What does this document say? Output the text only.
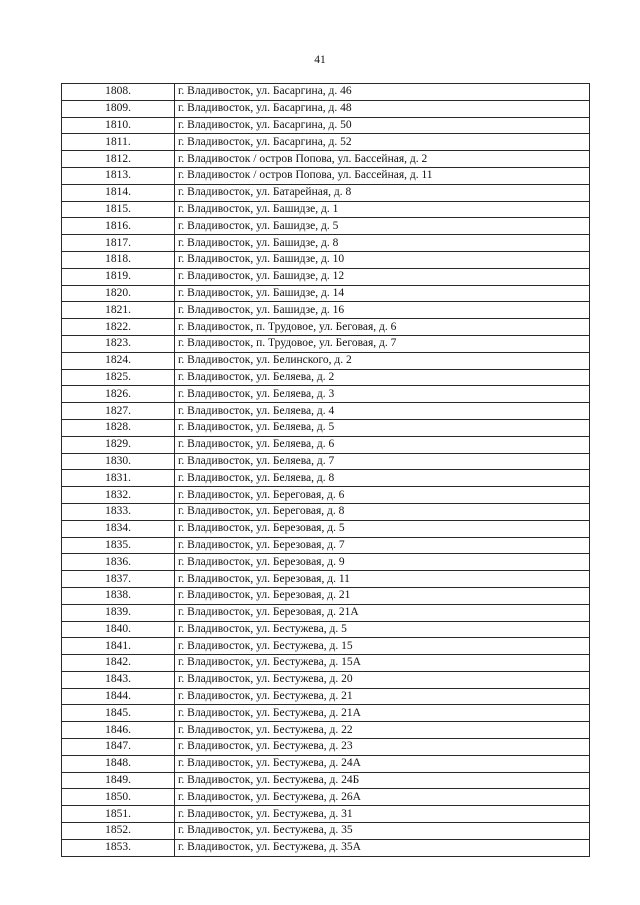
41
1808.	г. Владивосток, ул. Басаргина, д. 46
1809.	г. Владивосток, ул. Басаргина, д. 48
1810.	г. Владивосток, ул. Басаргина, д. 50
1811.	г. Владивосток, ул. Басаргина, д. 52
1812.	г. Владивосток / остров Попова, ул. Бассейная, д. 2
1813.	г. Владивосток / остров Попова, ул. Бассейная, д. 11
1814.	г. Владивосток, ул. Батарейная, д. 8
1815.	г. Владивосток, ул. Башидзе, д. 1
1816.	г. Владивосток, ул. Башидзе, д. 5
1817.	г. Владивосток, ул. Башидзе, д. 8
1818.	г. Владивосток, ул. Башидзе, д. 10
1819.	г. Владивосток, ул. Башидзе, д. 12
1820.	г. Владивосток, ул. Башидзе, д. 14
1821.	г. Владивосток, ул. Башидзе, д. 16
1822.	г. Владивосток, п. Трудовое, ул. Беговая, д. 6
1823.	г. Владивосток, п. Трудовое, ул. Беговая, д. 7
1824.	г. Владивосток, ул. Белинского, д. 2
1825.	г. Владивосток, ул. Беляева, д. 2
1826.	г. Владивосток, ул. Беляева, д. 3
1827.	г. Владивосток, ул. Беляева, д. 4
1828.	г. Владивосток, ул. Беляева, д. 5
1829.	г. Владивосток, ул. Беляева, д. 6
1830.	г. Владивосток, ул. Беляева, д. 7
1831.	г. Владивосток, ул. Беляева, д. 8
1832.	г. Владивосток, ул. Береговая, д. 6
1833.	г. Владивосток, ул. Береговая, д. 8
1834.	г. Владивосток, ул. Березовая, д. 5
1835.	г. Владивосток, ул. Березовая, д. 7
1836.	г. Владивосток, ул. Березовая, д. 9
1837.	г. Владивосток, ул. Березовая, д. 11
1838.	г. Владивосток, ул. Березовая, д. 21
1839.	г. Владивосток, ул. Березовая, д. 21А
1840.	г. Владивосток, ул. Бестужева, д. 5
1841.	г. Владивосток, ул. Бестужева, д. 15
1842.	г. Владивосток, ул. Бестужева, д. 15А
1843.	г. Владивосток, ул. Бестужева, д. 20
1844.	г. Владивосток, ул. Бестужева, д. 21
1845.	г. Владивосток, ул. Бестужева, д. 21А
1846.	г. Владивосток, ул. Бестужева, д. 22
1847.	г. Владивосток, ул. Бестужева, д. 23
1848.	г. Владивосток, ул. Бестужева, д. 24А
1849.	г. Владивосток, ул. Бестужева, д. 24Б
1850.	г. Владивосток, ул. Бестужева, д. 26А
1851.	г. Владивосток, ул. Бестужева, д. 31
1852.	г. Владивосток, ул. Бестужева, д. 35
1853.	г. Владивосток, ул. Бестужева, д. 35А
